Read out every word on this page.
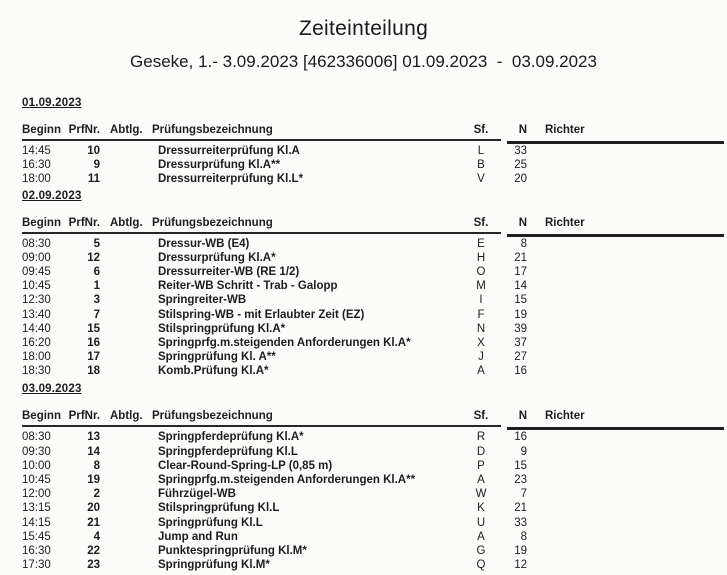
Zeiteinteilung
Geseke, 1.- 3.09.2023 [462336006] 01.09.2023  -  03.09.2023
01.09.2023
Beginn PrfNr. Abtlg. Prüfungsbezeichnung	Sf.	N Richter
14:45	10	Dressurreiterprüfung Kl.A	L	33
16:30	9	Dressurprüfung Kl.A**	B	25
18:00	11	Dressurreiterprüfung Kl.L*	V	20
02.09.2023
Beginn PrfNr. Abtlg. Prüfungsbezeichnung	Sf.	N Richter
08:30	5	Dressur-WB (E4)	E	8
09:00	12	Dressurprüfung Kl.A*	H	21
09:45	6	Dressurreiter-WB (RE 1/2)	O	17
10:45	1	Reiter-WB Schritt - Trab - Galopp	M	14
12:30	3	Springreiter-WB	I	15
13:40	7	Stilspring-WB - mit Erlaubter Zeit (EZ)	F	19
14:40	15	Stilspringprüfung Kl.A*	N	39
16:20	16	Springprfg.m.steigenden Anforderungen Kl.A*	X	37
18:00	17	Springprüfung Kl. A**	J	27
18:30	18	Komb.Prüfung Kl.A*	A	16
03.09.2023
Beginn PrfNr. Abtlg. Prüfungsbezeichnung	Sf.	N Richter
08:30	13	Springpferdeprüfung Kl.A*	R	16
09:30	14	Springpferdeprüfung Kl.L	D	9
10:00	8	Clear-Round-Spring-LP (0,85 m)	P	15
10:45	19	Springprfg.m.steigenden Anforderungen Kl.A**	A	23
12:00	2	Führzügel-WB	W	7
13:15	20	Stilspringprüfung Kl.L	K	21
14:15	21	Springprüfung Kl.L	U	33
15:45	4	Jump and Run	A	8
16:30	22	Punktespringprüfung Kl.M*	G	19
17:30	23	Springprüfung Kl.M*	Q	12
